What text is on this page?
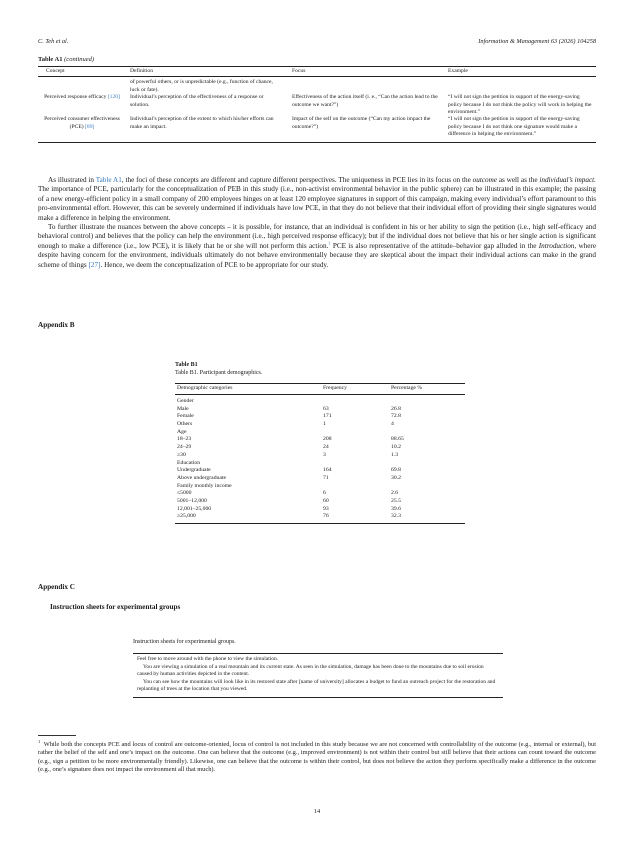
C. Teh et al.	Information & Management 63 (2026) 104258
Table A1 (continued)
Concept	Definition	Focus	Example
	of powerful others, or is unpredictable (e.g., function of chance, luck or fate).		
Perceived response efficacy [120]	Individual’s perception of the effectiveness of a response or solution.	Effectiveness of the action itself (i. e., “Can the action lead to the outcome we want?”)	“I will not sign the petition in support of the energy-saving policy because I do not think the policy will work in helping the environment.”
Perceived consumer effectiveness (PCE) [89]	Individual’s perception of the extent to which his/her efforts can make an impact.	Impact of the self on the outcome (“Can my action impact the outcome?”)	“I will not sign the petition in support of the energy-saving policy because I do not think one signature would make a difference in helping the environment.”

As illustrated in Table A1, the foci of these concepts are different and capture different perspectives. The uniqueness in PCE lies in its focus on the outcome as well as the individual’s impact. The importance of PCE, particularly for the conceptualization of PEB in this study (i.e., non-activist environmental behavior in the public sphere) can be illustrated in this example; the passing of a new energy-efficient policy in a small company of 200 employees hinges on at least 120 employee signatures in support of this campaign, making every individual’s effort paramount to this pro-environmental effort. However, this can be severely undermined if individuals have low PCE, in that they do not believe that their individual effort of providing their single signatures would make a difference in helping the environment.

To further illustrate the nuances between the above concepts – it is possible, for instance, that an individual is confident in his or her ability to sign the petition (i.e., high self-efficacy and behavioral control) and believes that the policy can help the environment (i.e., high perceived response efficacy); but if the individual does not believe that his or her single action is significant enough to make a difference (i.e., low PCE), it is likely that he or she will not perform this action.$^1$ PCE is also representative of the attitude–behavior gap alluded in the Introduction, where despite having concern for the environment, individuals ultimately do not behave environmentally because they are skeptical about the impact their individual actions can make in the grand scheme of things [27]. Hence, we deem the conceptualization of PCE to be appropriate for our study.

Appendix B
Table B1
Table B1. Participant demographics.
Demographic categories	Frequency	Percentage %
Gender		
Male	63	26.8
Female	171	72.8
Others	1	4
Age		
18–23	208	88.65
24–29	24	10.2
≥30	3	1.3
Education		
Undergraduate	164	69.8
Above undergraduate	71	30.2
Family monthly income		
≤5000	6	2.6
5001–12,000	60	25.5
12,001–25,000	93	39.6
≥25,000	76	32.3
Appendix C
Instruction sheets for experimental groups
Instruction sheets for experimental groups.
Feel free to move around with the phone to view the simulation.
You are viewing a simulation of a real mountain and its current state. As seen in the simulation, damage has been done to the mountains due to soil erosion caused by human activities depicted in the content.
You can see how the mountains will look like in its restored state after [name of university] allocates a budget to fund an outreach project for the restoration and replanting of trees at the location that you viewed.
$^1$ While both the concepts PCE and locus of control are outcome-oriented, locus of control is not included in this study because we are not concerned with controllability of the outcome (e.g., internal or external), but rather the belief of the self and one’s impact on the outcome. One can believe that the outcome (e.g., improved environment) is not within their control but still believe that their actions can count toward the outcome (e.g., sign a petition to be more environmentally friendly). Likewise, one can believe that the outcome is within their control, but does not believe the action they perform specifically make a difference in the outcome (e.g., one’s signature does not impact the environment all that much).
14
